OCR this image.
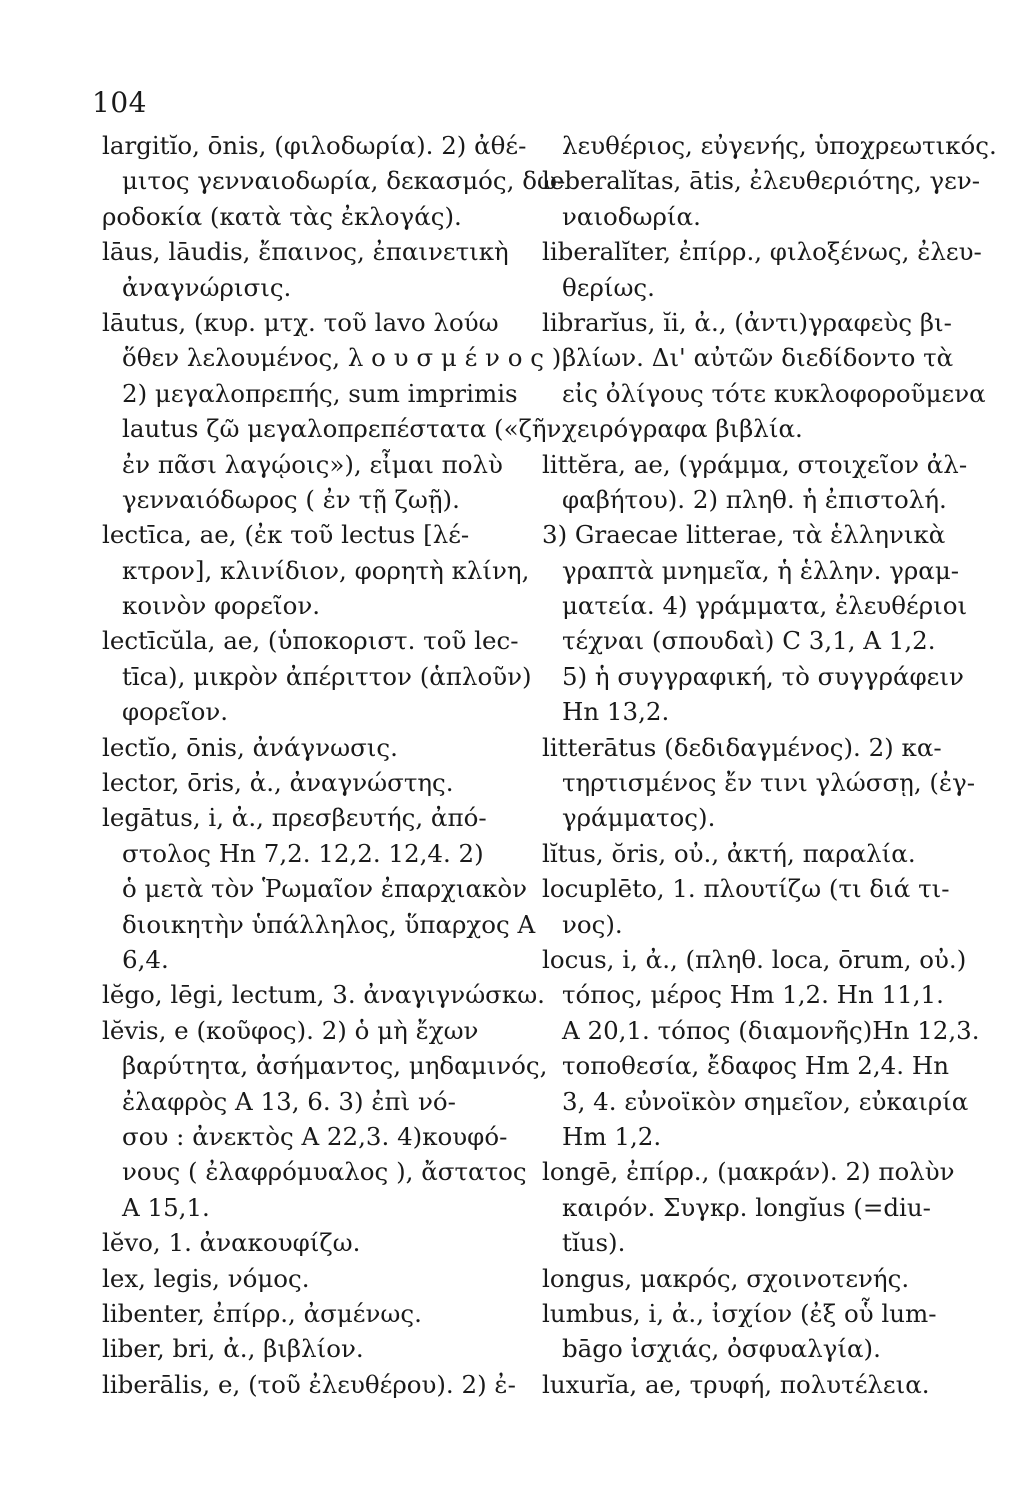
104
largitĭo, ōnis, (φιλοδωρία). 2) ἀθέ-
μιτος γενναιοδωρία, δεκασμός, δω-
ροδοκία (κατὰ τὰς ἐκλογάς).
lāus, lāudis, ἔπαινος, ἐπαινετικὴ
ἀναγνώρισις.
lāutus, (κυρ. μτχ. τοῦ lavo λούω
ὅθεν λελουμένος, λ ο υ σ μ έ ν ο ς ).
2) μεγαλοπρεπής, sum imprimis
lautus ζῶ μεγαλοπρεπέστατα («ζῆν
ἐν πᾶσι λαγῴοις»), εἶμαι πολὺ
γενναιόδωρος ( ἐν τῇ ζωῇ).
lectīca, ae, (ἐκ τοῦ lectus [λέ-
κτρον], κλινίδιον, φορητὴ κλίνη,
κοινὸν φορεῖον.
lectīcŭla, ae, (ὑποκοριστ. τοῦ lec-
tīca), μικρὸν ἀπέριττον (ἁπλοῦν)
φορεῖον.
lectĭo, ōnis, ἀνάγνωσις.
lector, ōris, ἀ., ἀναγνώστης.
legātus, i, ἀ., πρεσβευτής, ἀπό-
στολος Hn 7,2. 12,2. 12,4. 2)
ὁ μετὰ τὸν Ῥωμαῖον ἐπαρχιακὸν
διοικητὴν ὑπάλληλος, ὕπαρχος A
6,4.
lĕgo, lēgi, lectum, 3. ἀναγιγνώσκω.
lĕvis, e (κοῦφος). 2) ὁ μὴ ἔχων
βαρύτητα, ἀσήμαντος, μηδαμινός,
ἐλαφρὸς A 13, 6. 3) ἐπὶ νό-
σου : ἀνεκτὸς A 22,3. 4)κουφό-
νους ( ἐλαφρόμυαλος ), ἄστατος
A 15,1.
lĕvo, 1. ἀνακουφίζω.
lex, legis, νόμος.
libenter, ἐπίρρ., ἀσμένως.
liber, bri, ἀ., βιβλίον.
liberālis, e, (τοῦ ἐλευθέρου). 2) ἐ-
λευθέριος, εὐγενής, ὑποχρεωτικός.
leberalĭtas, ātis, ἐλευθεριότης, γεν-
ναιοδωρία.
liberalĭter, ἐπίρρ., φιλοξένως, ἐλευ-
θερίως.
librarĭus, ĭi, ἀ., (ἀντι)γραφεὺς βι-
βλίων. Δι' αὐτῶν διεδίδοντο τὰ
εἰς ὀλίγους τότε κυκλοφοροῦμενα
χειρόγραφα βιβλία.
littĕra, ae, (γράμμα, στοιχεῖον ἀλ-
φαβήτου). 2) πληθ. ἡ ἐπιστολή.
3) Graecae litterae, τὰ ἑλληνικὰ
γραπτὰ μνημεῖα, ἡ ἑλλην. γραμ-
ματεία. 4) γράμματα, ἐλευθέριοι
τέχναι (σπουδαὶ) C 3,1, A 1,2.
5) ἡ συγγραφική, τὸ συγγράφειν
Hn 13,2.
litterātus (δεδιδαγμένος). 2) κα-
τηρτισμένος ἔν τινι γλώσσῃ, (ἐγ-
γράμματος).
lĭtus, ŏris, οὐ., ἀκτή, παραλία.
locuplēto, 1. πλουτίζω (τι διά τι-
νος).
locus, i, ἀ., (πληθ. loca, ōrum, οὐ.)
τόπος, μέρος Hm 1,2. Hn 11,1.
A 20,1. τόπος (διαμονῆς)Hn 12,3.
τοποθεσία, ἔδαφος Hm 2,4. Hn
3, 4. εὐνοϊκὸν σημεῖον, εὐκαιρία
Hm 1,2.
longē, ἐπίρρ., (μακράν). 2) πολὺν
καιρόν. Συγκρ. longĭus (=diu-
tĭus).
longus, μακρός, σχοινοτενής.
lumbus, i, ἀ., ἰσχίον (ἐξ οὗ lum-
bāgo ἰσχιάς, ὀσφυαλγία).
luxurĭa, ae, τρυφή, πολυτέλεια.
